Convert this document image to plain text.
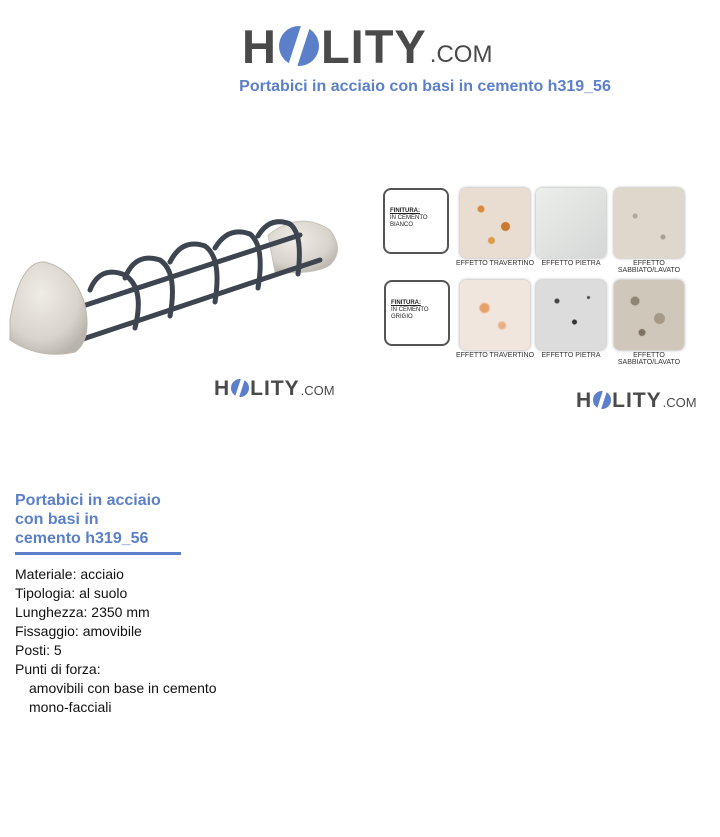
H LITY .COM
Portabici in acciaio con basi in cemento h319_56
H LITY .COM
FINITURA:
IN CEMENTO BIANCO
EFFETTO TRAVERTINO	EFFETTO PIETRA	EFFETTO SABBIATO/LAVATO
FINITURA:
IN CEMENTO GRIGIO
EFFETTO TRAVERTINO	EFFETTO PIETRA	EFFETTO SABBIATO/LAVATO
H LITY .COM
Portabici in acciaio
con basi in
cemento h319_56
Materiale: acciaio
Tipologia: al suolo
Lunghezza: 2350 mm
Fissaggio: amovibile
Posti: 5
Punti di forza:
amovibili con base in cemento
mono-facciali
